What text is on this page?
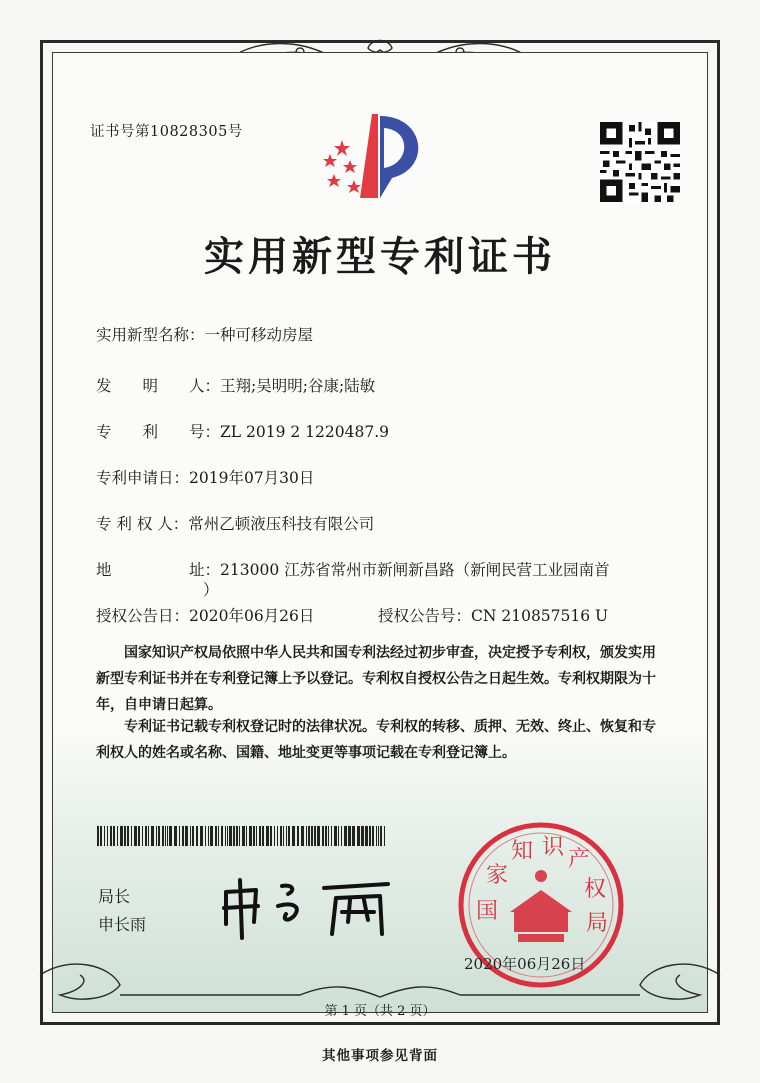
证书号第10828305号
实用新型专利证书
实用新型名称：一种可移动房屋
发　　明　　人：王翔;吴明明;谷康;陆敏
专　　利　　号：ZL 2019 2 1220487.9
专利申请日：2019年07月30日
专 利 权 人：常州乙顿液压科技有限公司
地　　　　　址：213000 江苏省常州市新闸新昌路（新闸民营工业园南首
）
授权公告日：2020年06月26日	授权公告号：CN 210857516 U
　　国家知识产权局依照中华人民共和国专利法经过初步审查，决定授予专利权，颁发实用
新型专利证书并在专利登记簿上予以登记。专利权自授权公告之日起生效。专利权期限为十
年，自申请日起算。
　　专利证书记载专利权登记时的法律状况。专利权的转移、质押、无效、终止、恢复和专
利权人的姓名或名称、国籍、地址变更等事项记载在专利登记簿上。
局长
申长雨
国
家
知 识 产
权
局
2020年06月26日
第 1 页（共 2 页）
其他事项参见背面
